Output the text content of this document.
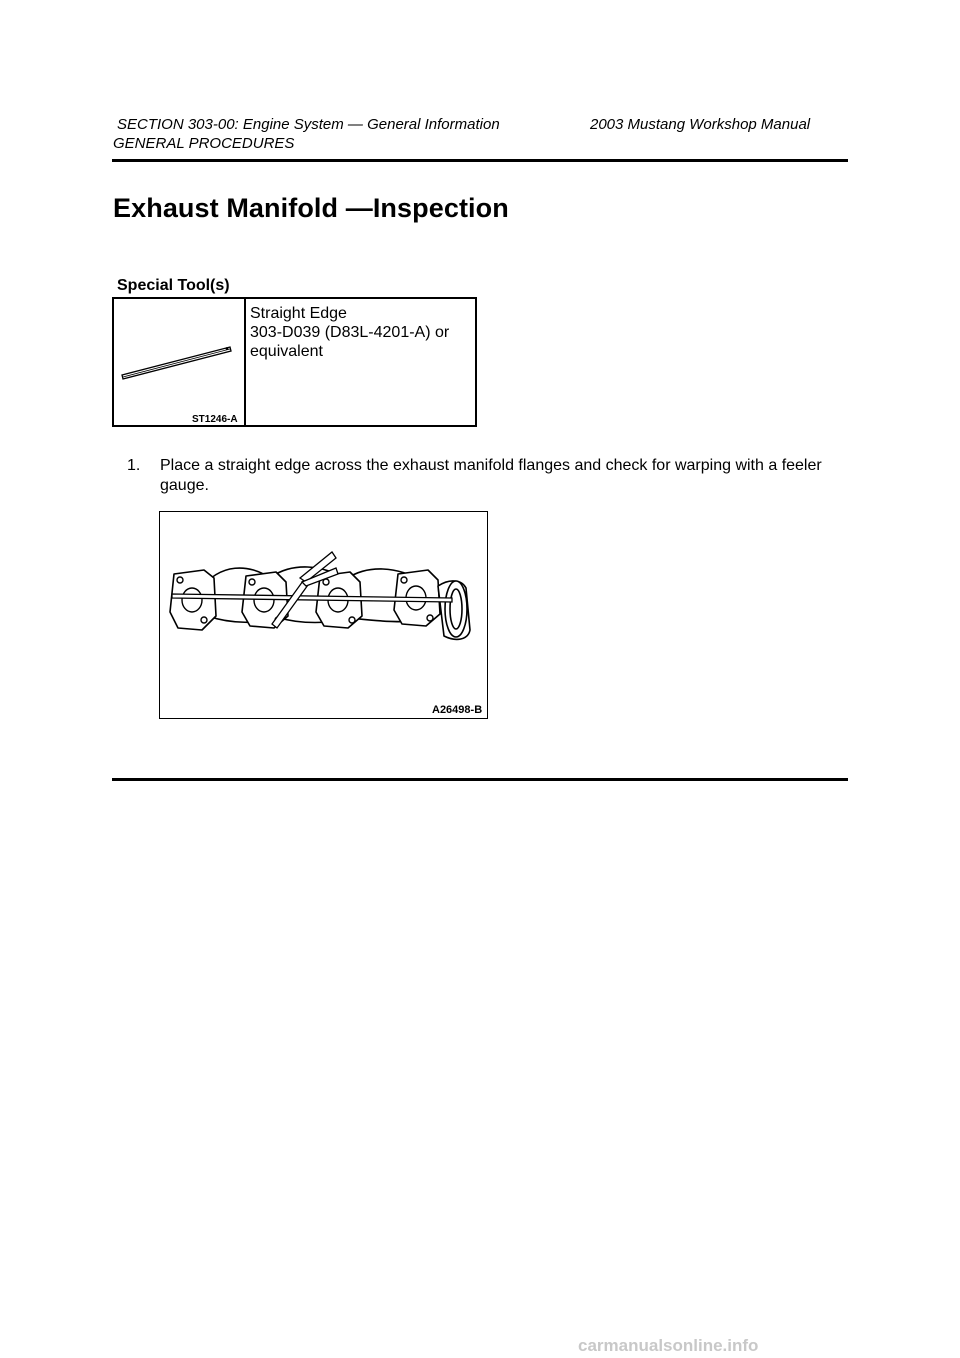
SECTION 303-00: Engine System — General Information	2003 Mustang Workshop Manual
GENERAL PROCEDURES
Exhaust Manifold —Inspection
Special Tool(s)
ST1246-A
Straight Edge
303-D039 (D83L-4201-A) or
equivalent
1. Place a straight edge across the exhaust manifold flanges and check for warping with a feeler gauge.
A26498-B
carmanualsonline.info
